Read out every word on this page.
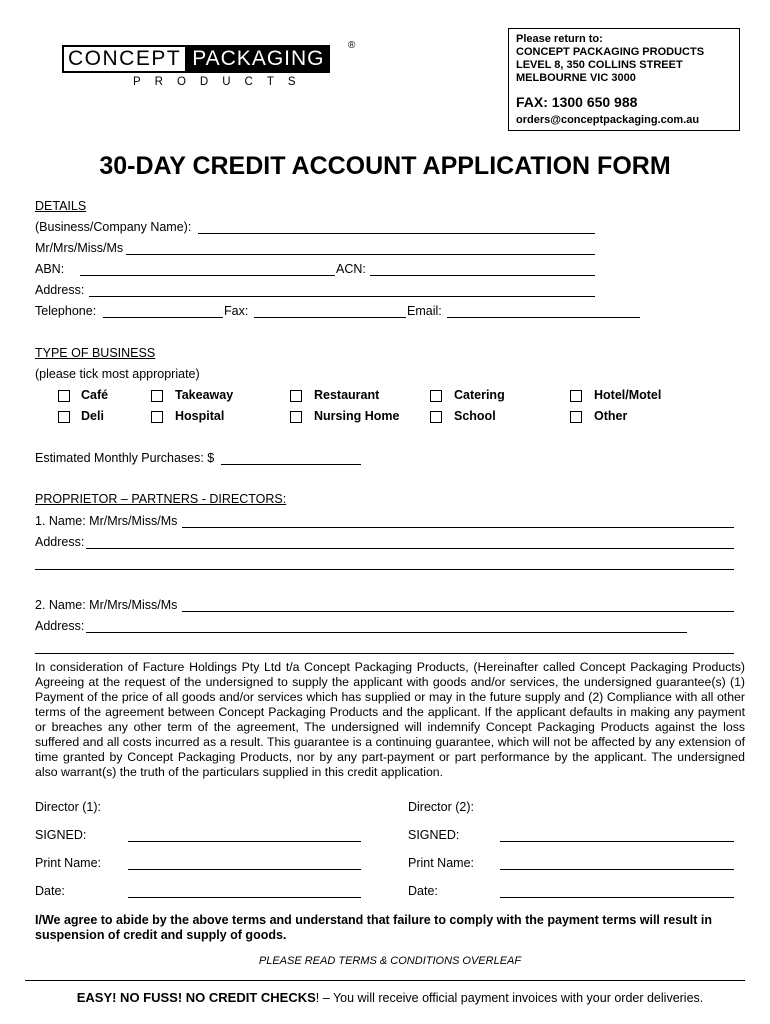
CONCEPT PACKAGING
®
PRODUCTS
Please return to:
CONCEPT PACKAGING PRODUCTS
LEVEL 8, 350 COLLINS STREET
MELBOURNE VIC 3000
FAX: 1300 650 988
orders@conceptpackaging.com.au
30-DAY CREDIT ACCOUNT APPLICATION FORM
DETAILS
(Business/Company Name):
Mr/Mrs/Miss/Ms
ABN:	ACN:
Address:
Telephone:	Fax:	Email:
TYPE OF BUSINESS
(please tick most appropriate)
Café	Takeaway	Restaurant	Catering	Hotel/Motel
Deli	Hospital	Nursing Home	School	Other
Estimated Monthly Purchases: $
PROPRIETOR – PARTNERS - DIRECTORS:
1. Name: Mr/Mrs/Miss/Ms
Address:
2. Name: Mr/Mrs/Miss/Ms
Address:
In consideration of Facture Holdings Pty Ltd t/a Concept Packaging Products, (Hereinafter called Concept Packaging Products) Agreeing at the request of the undersigned to supply the applicant with goods and/or services, the undersigned guarantee(s) (1) Payment of the price of all goods and/or services which has supplied or may in the future supply and (2) Compliance with all other terms of the agreement between Concept Packaging Products and the applicant. If the applicant defaults in making any payment or breaches any other term of the agreement, The undersigned will indemnify Concept Packaging Products against the loss suffered and all costs incurred as a result. This guarantee is a continuing guarantee, which will not be affected by any extension of time granted by Concept Packaging Products, nor by any part-payment or part performance by the applicant. The undersigned also warrant(s) the truth of the particulars supplied in this credit application.
Director (1):	Director (2):
SIGNED:	SIGNED:
Print Name:	Print Name:
Date:	Date:
I/We agree to abide by the above terms and understand that failure to comply with the payment terms will result in suspension of credit and supply of goods.
PLEASE READ TERMS & CONDITIONS OVERLEAF
EASY! NO FUSS! NO CREDIT CHECKS! – You will receive official payment invoices with your order deliveries.
